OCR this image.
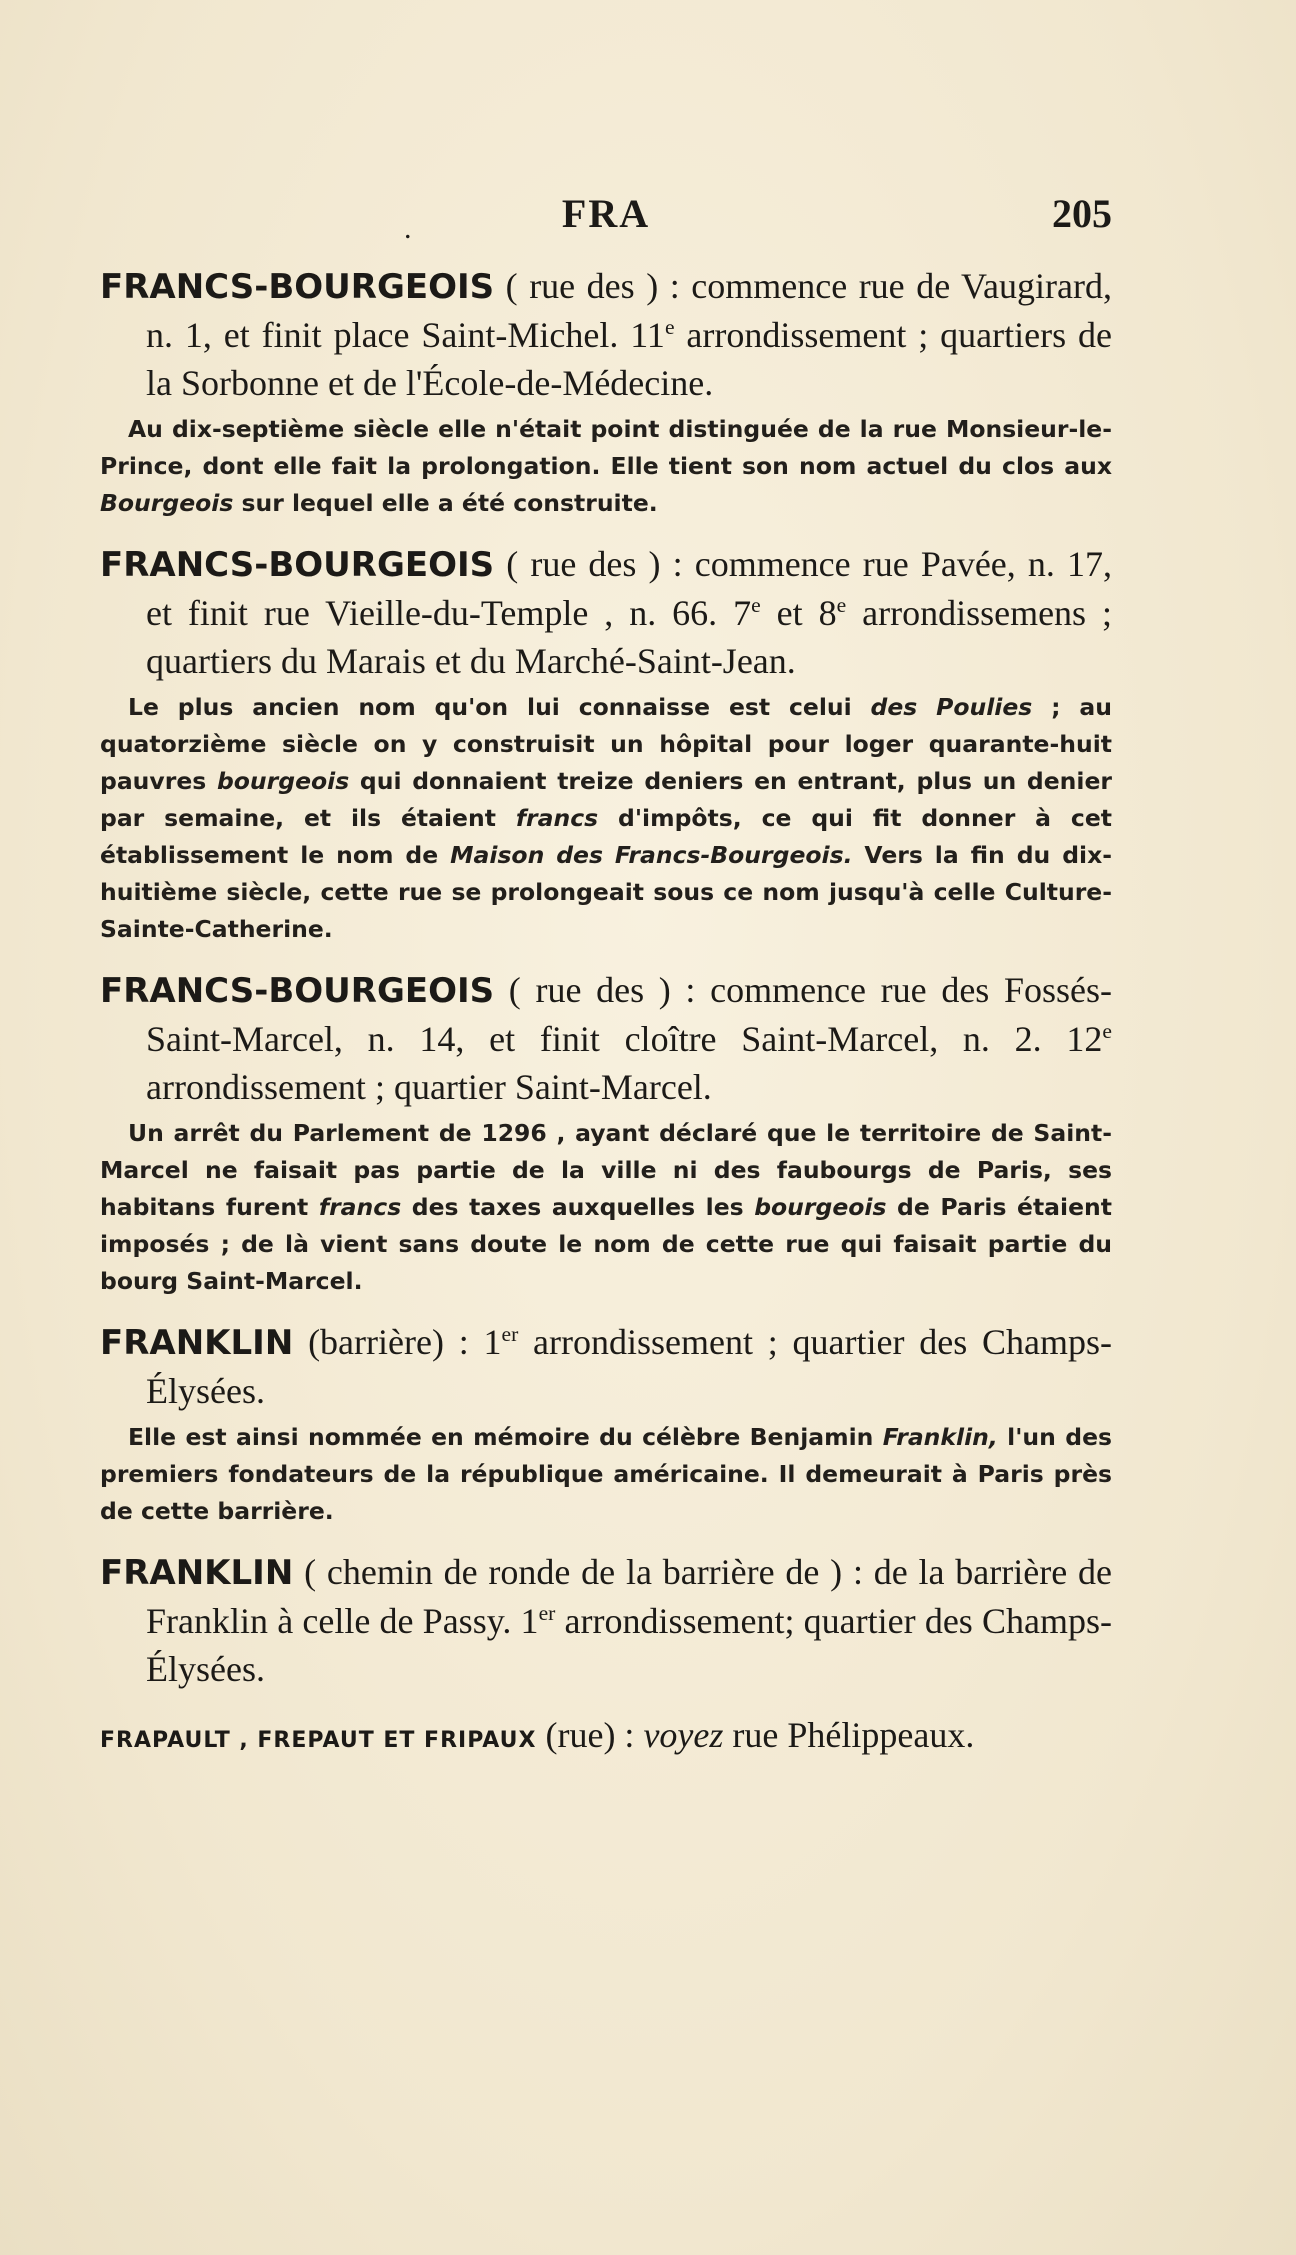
.	FRA	205

FRANCS-BOURGEOIS ( rue des ) : commence rue de Vaugirard, n. 1, et finit place Saint-Michel. 11e arrondissement ; quartiers de la Sorbonne et de l'École-de-Médecine.

Au dix-septième siècle elle n'était point distinguée de la rue Monsieur-le-Prince, dont elle fait la prolongation. Elle tient son nom actuel du clos aux Bourgeois sur lequel elle a été construite.

FRANCS-BOURGEOIS ( rue des ) : commence rue Pavée, n. 17, et finit rue Vieille-du-Temple , n. 66. 7e et 8e arrondissemens ; quartiers du Marais et du Marché-Saint-Jean.

Le plus ancien nom qu'on lui connaisse est celui des Poulies ; au quatorzième siècle on y construisit un hôpital pour loger quarante-huit pauvres bourgeois qui donnaient treize deniers en entrant, plus un denier par semaine, et ils étaient francs d'impôts, ce qui fit donner à cet établissement le nom de Maison des Francs-Bourgeois. Vers la fin du dix-huitième siècle, cette rue se prolongeait sous ce nom jusqu'à celle Culture-Sainte-Catherine.

FRANCS-BOURGEOIS ( rue des ) : commence rue des Fossés-Saint-Marcel, n. 14, et finit cloître Saint-Marcel, n. 2. 12e arrondissement ; quartier Saint-Marcel.

Un arrêt du Parlement de 1296 , ayant déclaré que le territoire de Saint-Marcel ne faisait pas partie de la ville ni des faubourgs de Paris, ses habitans furent francs des taxes auxquelles les bourgeois de Paris étaient imposés ; de là vient sans doute le nom de cette rue qui faisait partie du bourg Saint-Marcel.

FRANKLIN (barrière) : 1er arrondissement ; quartier des Champs-Élysées.

Elle est ainsi nommée en mémoire du célèbre Benjamin Franklin, l'un des premiers fondateurs de la république américaine. Il demeurait à Paris près de cette barrière.

FRANKLIN ( chemin de ronde de la barrière de ) : de la barrière de Franklin à celle de Passy. 1er arrondissement; quartier des Champs-Élysées.

FRAPAULT , FREPAUT ET FRIPAUX (rue) : voyez rue Phélippeaux.
